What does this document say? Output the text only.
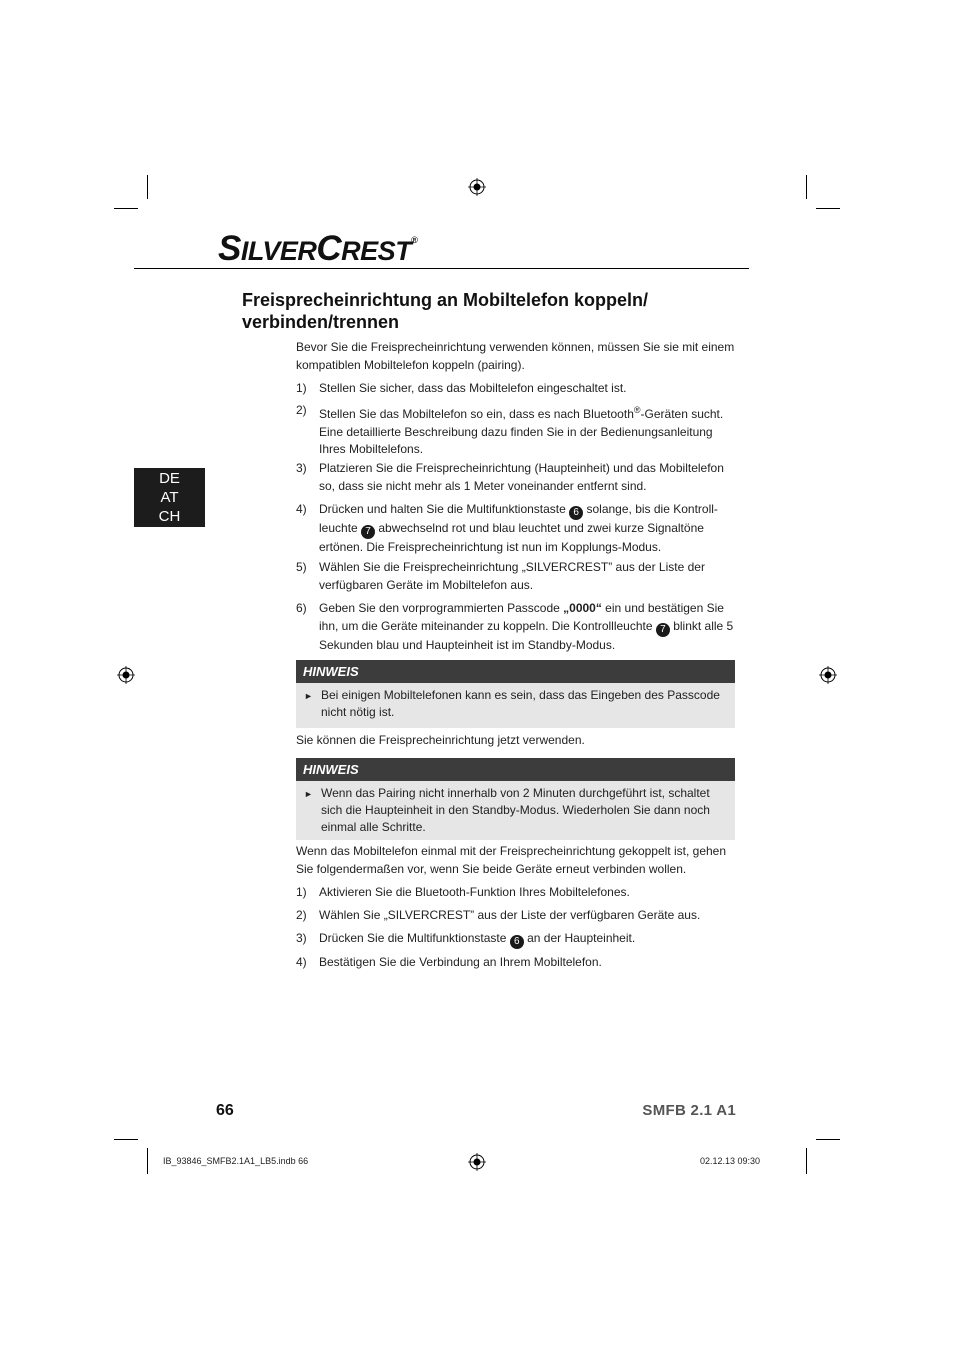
SILVERCREST®
DE
AT
CH
Freisprecheinrichtung an Mobiltelefon koppeln/
verbinden/trennen
Bevor Sie die Freisprecheinrichtung verwenden können, müssen Sie sie mit einem kompatiblen Mobiltelefon koppeln (pairing).
1)	Stellen Sie sicher, dass das Mobiltelefon eingeschaltet ist.
2)	Stellen Sie das Mobiltelefon so ein, dass es nach Bluetooth®-Geräten sucht. Eine detaillierte Beschreibung dazu finden Sie in der Bedienungsanleitung Ihres Mobiltelefons.
3)	Platzieren Sie die Freisprecheinrichtung (Haupteinheit) und das Mobiltelefon so, dass sie nicht mehr als 1 Meter voneinander entfernt sind.
4)	Drücken und halten Sie die Multifunktionstaste 6 solange, bis die Kontrollleuchte 7 abwechselnd rot und blau leuchtet und zwei kurze Signaltöne ertönen. Die Freisprecheinrichtung ist nun im Kopplungs-Modus.
5)	Wählen Sie die Freisprecheinrichtung „SILVERCREST” aus der Liste der verfügbaren Geräte im Mobiltelefon aus.
6)	Geben Sie den vorprogrammierten Passcode „0000“ ein und bestätigen Sie ihn, um die Geräte miteinander zu koppeln. Die Kontrollleuchte 7 blinkt alle 5 Sekunden blau und Haupteinheit ist im Standby-Modus.
HINWEIS
► Bei einigen Mobiltelefonen kann es sein, dass das Eingeben des Passcode nicht nötig ist.
Sie können die Freisprecheinrichtung jetzt verwenden.
HINWEIS
► Wenn das Pairing nicht innerhalb von 2 Minuten durchgeführt ist, schaltet sich die Haupteinheit in den Standby-Modus. Wiederholen Sie dann noch einmal alle Schritte.
Wenn das Mobiltelefon einmal mit der Freisprecheinrichtung gekoppelt ist, gehen Sie folgendermaßen vor, wenn Sie beide Geräte erneut verbinden wollen.
1)	Aktivieren Sie die Bluetooth-Funktion Ihres Mobiltelefones.
2)	Wählen Sie „SILVERCREST” aus der Liste der verfügbaren Geräte aus.
3)	Drücken Sie die Multifunktionstaste 6 an der Haupteinheit.
4)	Bestätigen Sie die Verbindung an Ihrem Mobiltelefon.
66	SMFB 2.1 A1
IB_93846_SMFB2.1A1_LB5.indb 66	02.12.13 09:30
